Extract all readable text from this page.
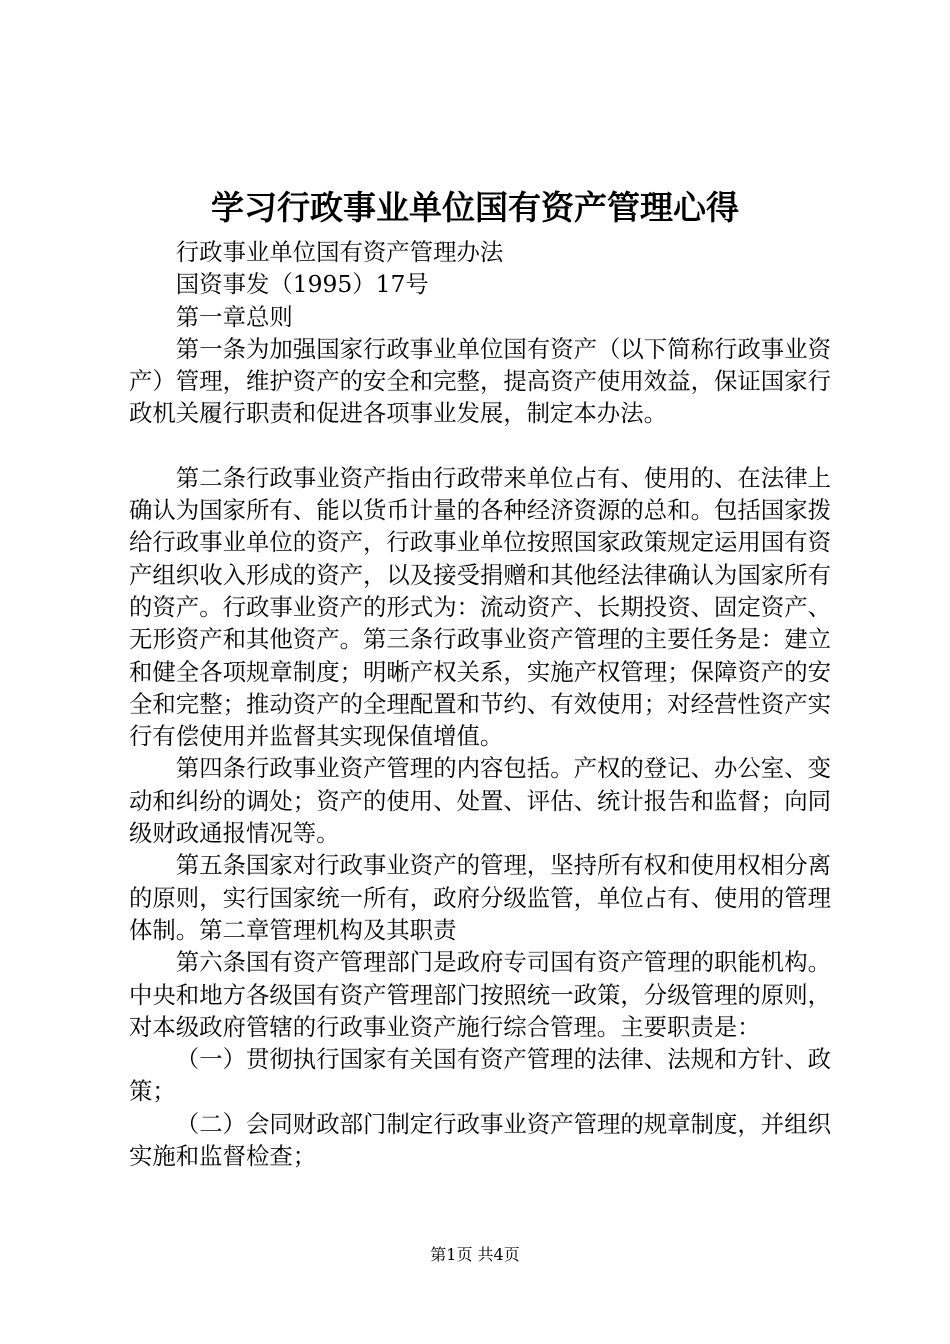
学习行政事业单位国有资产管理心得

行政事业单位国有资产管理办法

国资事发（1995）17号

第一章总则

第一条为加强国家行政事业单位国有资产（以下简称行政事业资产）管理，维护资产的安全和完整，提高资产使用效益，保证国家行政机关履行职责和促进各项事业发展，制定本办法。

第二条行政事业资产指由行政带来单位占有、使用的、在法律上确认为国家所有、能以货币计量的各种经济资源的总和。包括国家拨给行政事业单位的资产，行政事业单位按照国家政策规定运用国有资产组织收入形成的资产，以及接受捐赠和其他经法律确认为国家所有的资产。行政事业资产的形式为：流动资产、长期投资、固定资产、无形资产和其他资产。第三条行政事业资产管理的主要任务是：建立和健全各项规章制度；明晰产权关系，实施产权管理；保障资产的安全和完整；推动资产的全理配置和节约、有效使用；对经营性资产实行有偿使用并监督其实现保值增值。

第四条行政事业资产管理的内容包括。产权的登记、办公室、变动和纠纷的调处；资产的使用、处置、评估、统计报告和监督；向同级财政通报情况等。

第五条国家对行政事业资产的管理，坚持所有权和使用权相分离的原则，实行国家统一所有，政府分级监管，单位占有、使用的管理体制。第二章管理机构及其职责

第六条国有资产管理部门是政府专司国有资产管理的职能机构。中央和地方各级国有资产管理部门按照统一政策，分级管理的原则，对本级政府管辖的行政事业资产施行综合管理。主要职责是：

（一）贯彻执行国家有关国有资产管理的法律、法规和方针、政策；

（二）会同财政部门制定行政事业资产管理的规章制度，并组织实施和监督检查；

第1页 共4页
